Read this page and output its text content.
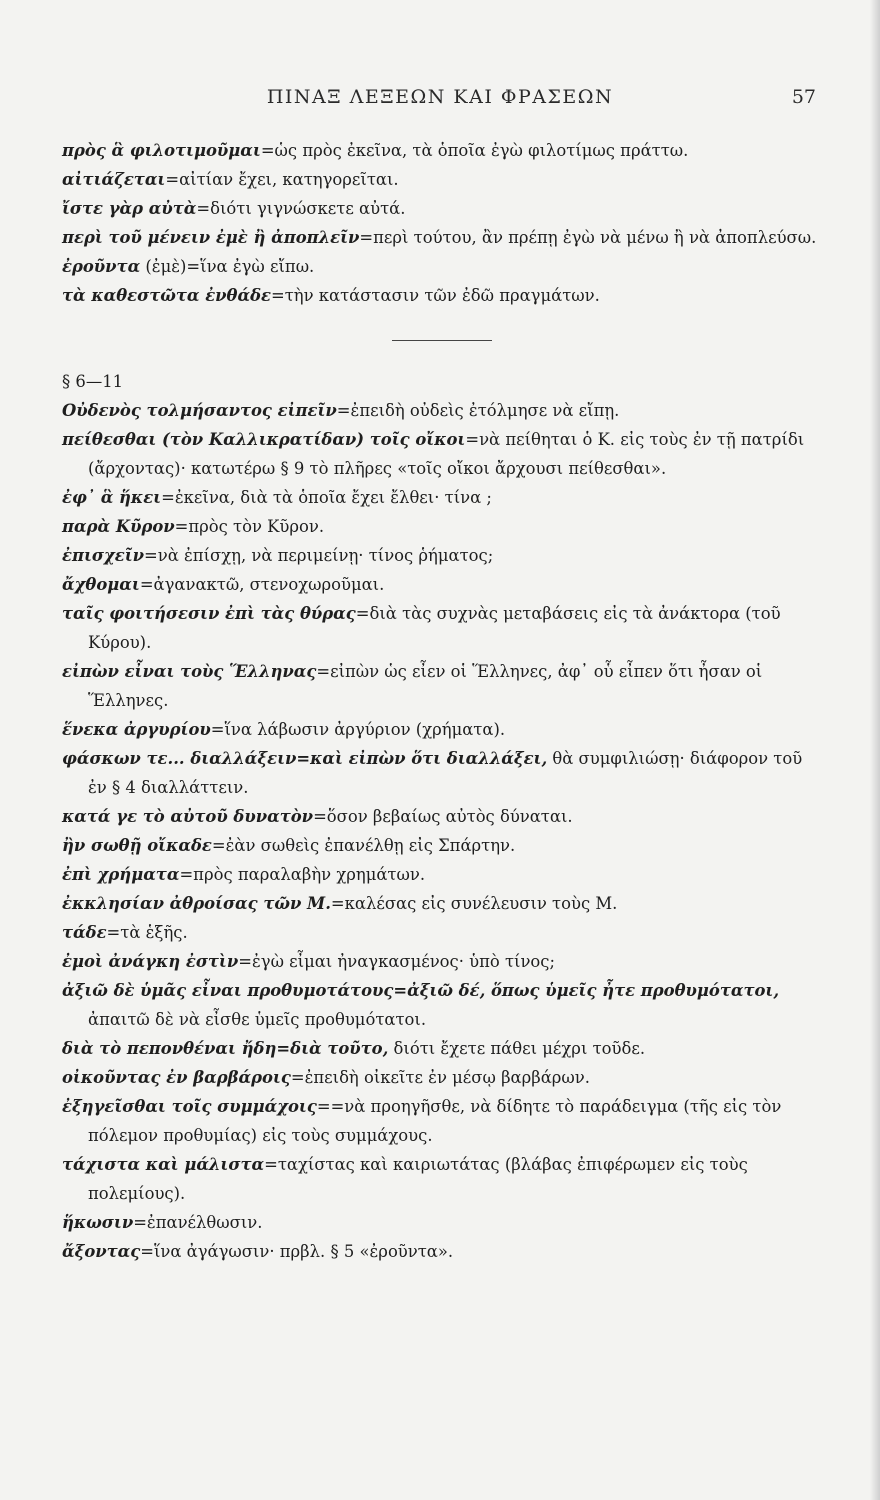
ΠΙΝΑΞ ΛΕΞΕΩΝ ΚΑΙ ΦΡΑΣΕΩΝ	57

πρὸς ἃ φιλοτιμοῦμαι=ὡς πρὸς ἐκεῖνα, τὰ ὁποῖα ἐγὼ φιλοτίμως πράττω.

αἰτιάζεται=αἰτίαν ἔχει, κατηγορεῖται.

ἴστε γὰρ αὐτὰ=διότι γιγνώσκετε αὐτά.

περὶ τοῦ μένειν ἐμὲ ἢ ἀποπλεῖν=περὶ τούτου, ἂν πρέπῃ ἐγὼ νὰ μένω ἢ νὰ ἀποπλεύσω.

ἐροῦντα (ἐμὲ)=ἵνα ἐγὼ εἴπω.

τὰ καθεστῶτα ἐνθάδε=τὴν κατάστασιν τῶν ἐδῶ πραγμάτων.

§ 6—11

Οὐδενὸς τολμήσαντος εἰπεῖν=ἐπειδὴ οὐδεὶς ἐτόλμησε νὰ εἴπῃ.

πείθεσθαι (τὸν Καλλικρατίδαν) τοῖς οἴκοι=νὰ πείθηται ὁ Κ. εἰς τοὺς ἐν τῇ πατρίδι (ἄρχοντας)· κατωτέρω § 9 τὸ πλῆρες «τοῖς οἴκοι ἄρχουσι πείθεσθαι».

ἐφ᾽ ἃ ἥκει=ἐκεῖνα, διὰ τὰ ὁποῖα ἔχει ἔλθει· τίνα ;

παρὰ Κῦρον=πρὸς τὸν Κῦρον.

ἐπισχεῖν=νὰ ἐπίσχῃ, νὰ περιμείνῃ· τίνος ῥήματος;

ἄχθομαι=ἀγανακτῶ, στενοχωροῦμαι.

ταῖς φοιτήσεσιν ἐπὶ τὰς θύρας=διὰ τὰς συχνὰς μεταβάσεις εἰς τὰ ἀνάκτορα (τοῦ Κύρου).

εἰπὼν εἶναι τοὺς Ἕλληνας=εἰπὼν ὡς εἶεν οἱ Ἕλληνες, ἀφ᾽ οὗ εἶπεν ὅτι ἦσαν οἱ Ἕλληνες.

ἕνεκα ἀργυρίου=ἵνα λάβωσιν ἀργύριον (χρήματα).

φάσκων τε... διαλλάξειν=καὶ εἰπὼν ὅτι διαλλάξει, θὰ συμφιλιώσῃ· διάφορον τοῦ ἐν § 4 διαλλάττειν.

κατά γε τὸ αὐτοῦ δυνατὸν=ὅσον βεβαίως αὐτὸς δύναται.

ἢν σωθῇ οἴκαδε=ἐὰν σωθεὶς ἐπανέλθῃ εἰς Σπάρτην.

ἐπὶ χρήματα=πρὸς παραλαβὴν χρημάτων.

ἐκκλησίαν ἀθροίσας τῶν Μ.=καλέσας εἰς συνέλευσιν τοὺς Μ.

τάδε=τὰ ἑξῆς.

ἐμοὶ ἀνάγκη ἐστὶν=ἐγὼ εἶμαι ἠναγκασμένος· ὑπὸ τίνος;

ἀξιῶ δὲ ὑμᾶς εἶναι προθυμοτάτους=ἀξιῶ δέ, ὅπως ὑμεῖς ἦτε προθυμότατοι, ἀπαιτῶ δὲ νὰ εἶσθε ὑμεῖς προθυμότατοι.

διὰ τὸ πεπονθέναι ἤδη=διὰ τοῦτο, διότι ἔχετε πάθει μέχρι τοῦδε.

οἰκοῦντας ἐν βαρβάροις=ἐπειδὴ οἰκεῖτε ἐν μέσῳ βαρβάρων.

ἐξηγεῖσθαι τοῖς συμμάχοις==νὰ προηγῆσθε, νὰ δίδητε τὸ παράδειγμα (τῆς εἰς τὸν πόλεμον προθυμίας) εἰς τοὺς συμμάχους.

τάχιστα καὶ μάλιστα=ταχίστας καὶ καιριωτάτας (βλάβας ἐπιφέρωμεν εἰς τοὺς πολεμίους).

ἥκωσιν=ἐπανέλθωσιν.

ἄξοντας=ἵνα ἀγάγωσιν· πρβλ. § 5 «ἐροῦντα».
